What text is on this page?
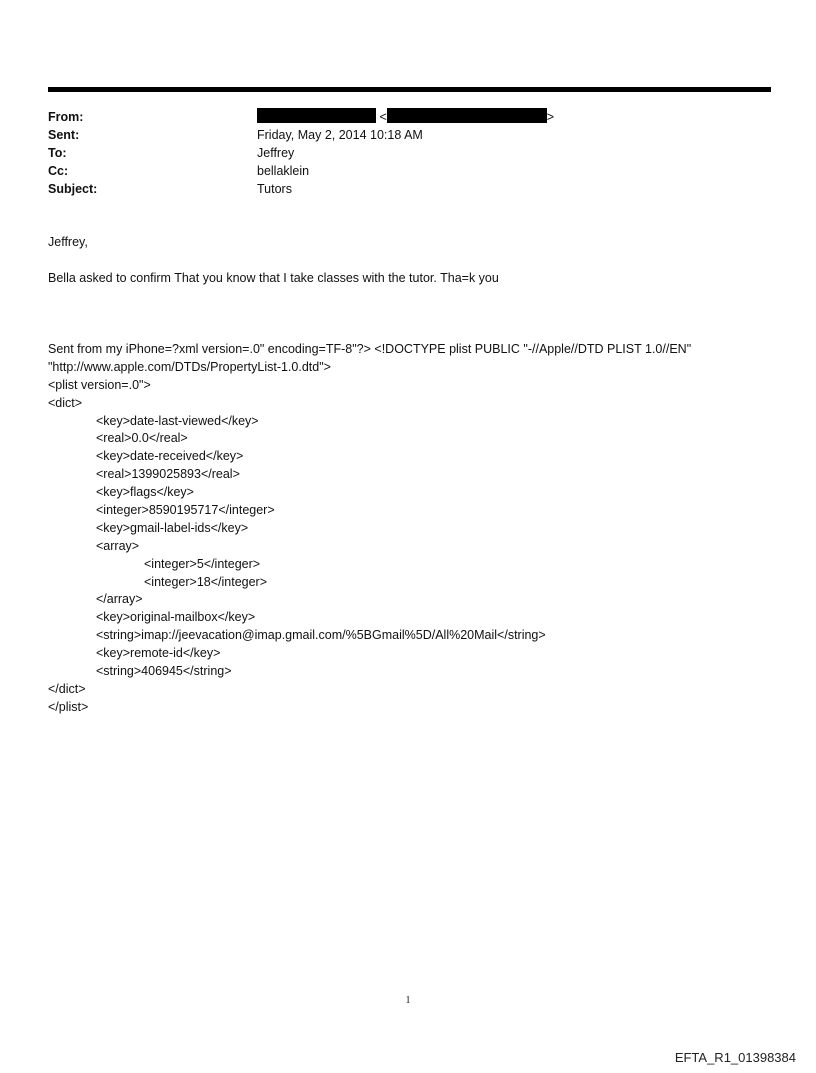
From:	<	>
Sent:	Friday, May 2, 2014 10:18 AM
To:	Jeffrey
Cc:	bellaklein
Subject:	Tutors

Jeffrey,

Bella asked to confirm That you know that I take classes with the tutor. Tha=k you

Sent from my iPhone=?xml version=.0" encoding=TF-8"?> <!DOCTYPE plist PUBLIC "-//Apple//DTD PLIST 1.0//EN"
"http://www.apple.com/DTDs/PropertyList-1.0.dtd">
<plist version=.0">
<dict>
<key>date-last-viewed</key>
<real>0.0</real>
<key>date-received</key>
<real>1399025893</real>
<key>flags</key>
<integer>8590195717</integer>
<key>gmail-label-ids</key>
<array>
<integer>5</integer>
<integer>18</integer>
</array>
<key>original-mailbox</key>
<string>imap://jeevacation@imap.gmail.com/%5BGmail%5D/All%20Mail</string>
<key>remote-id</key>
<string>406945</string>
</dict>
</plist>
1
EFTA_R1_01398384
